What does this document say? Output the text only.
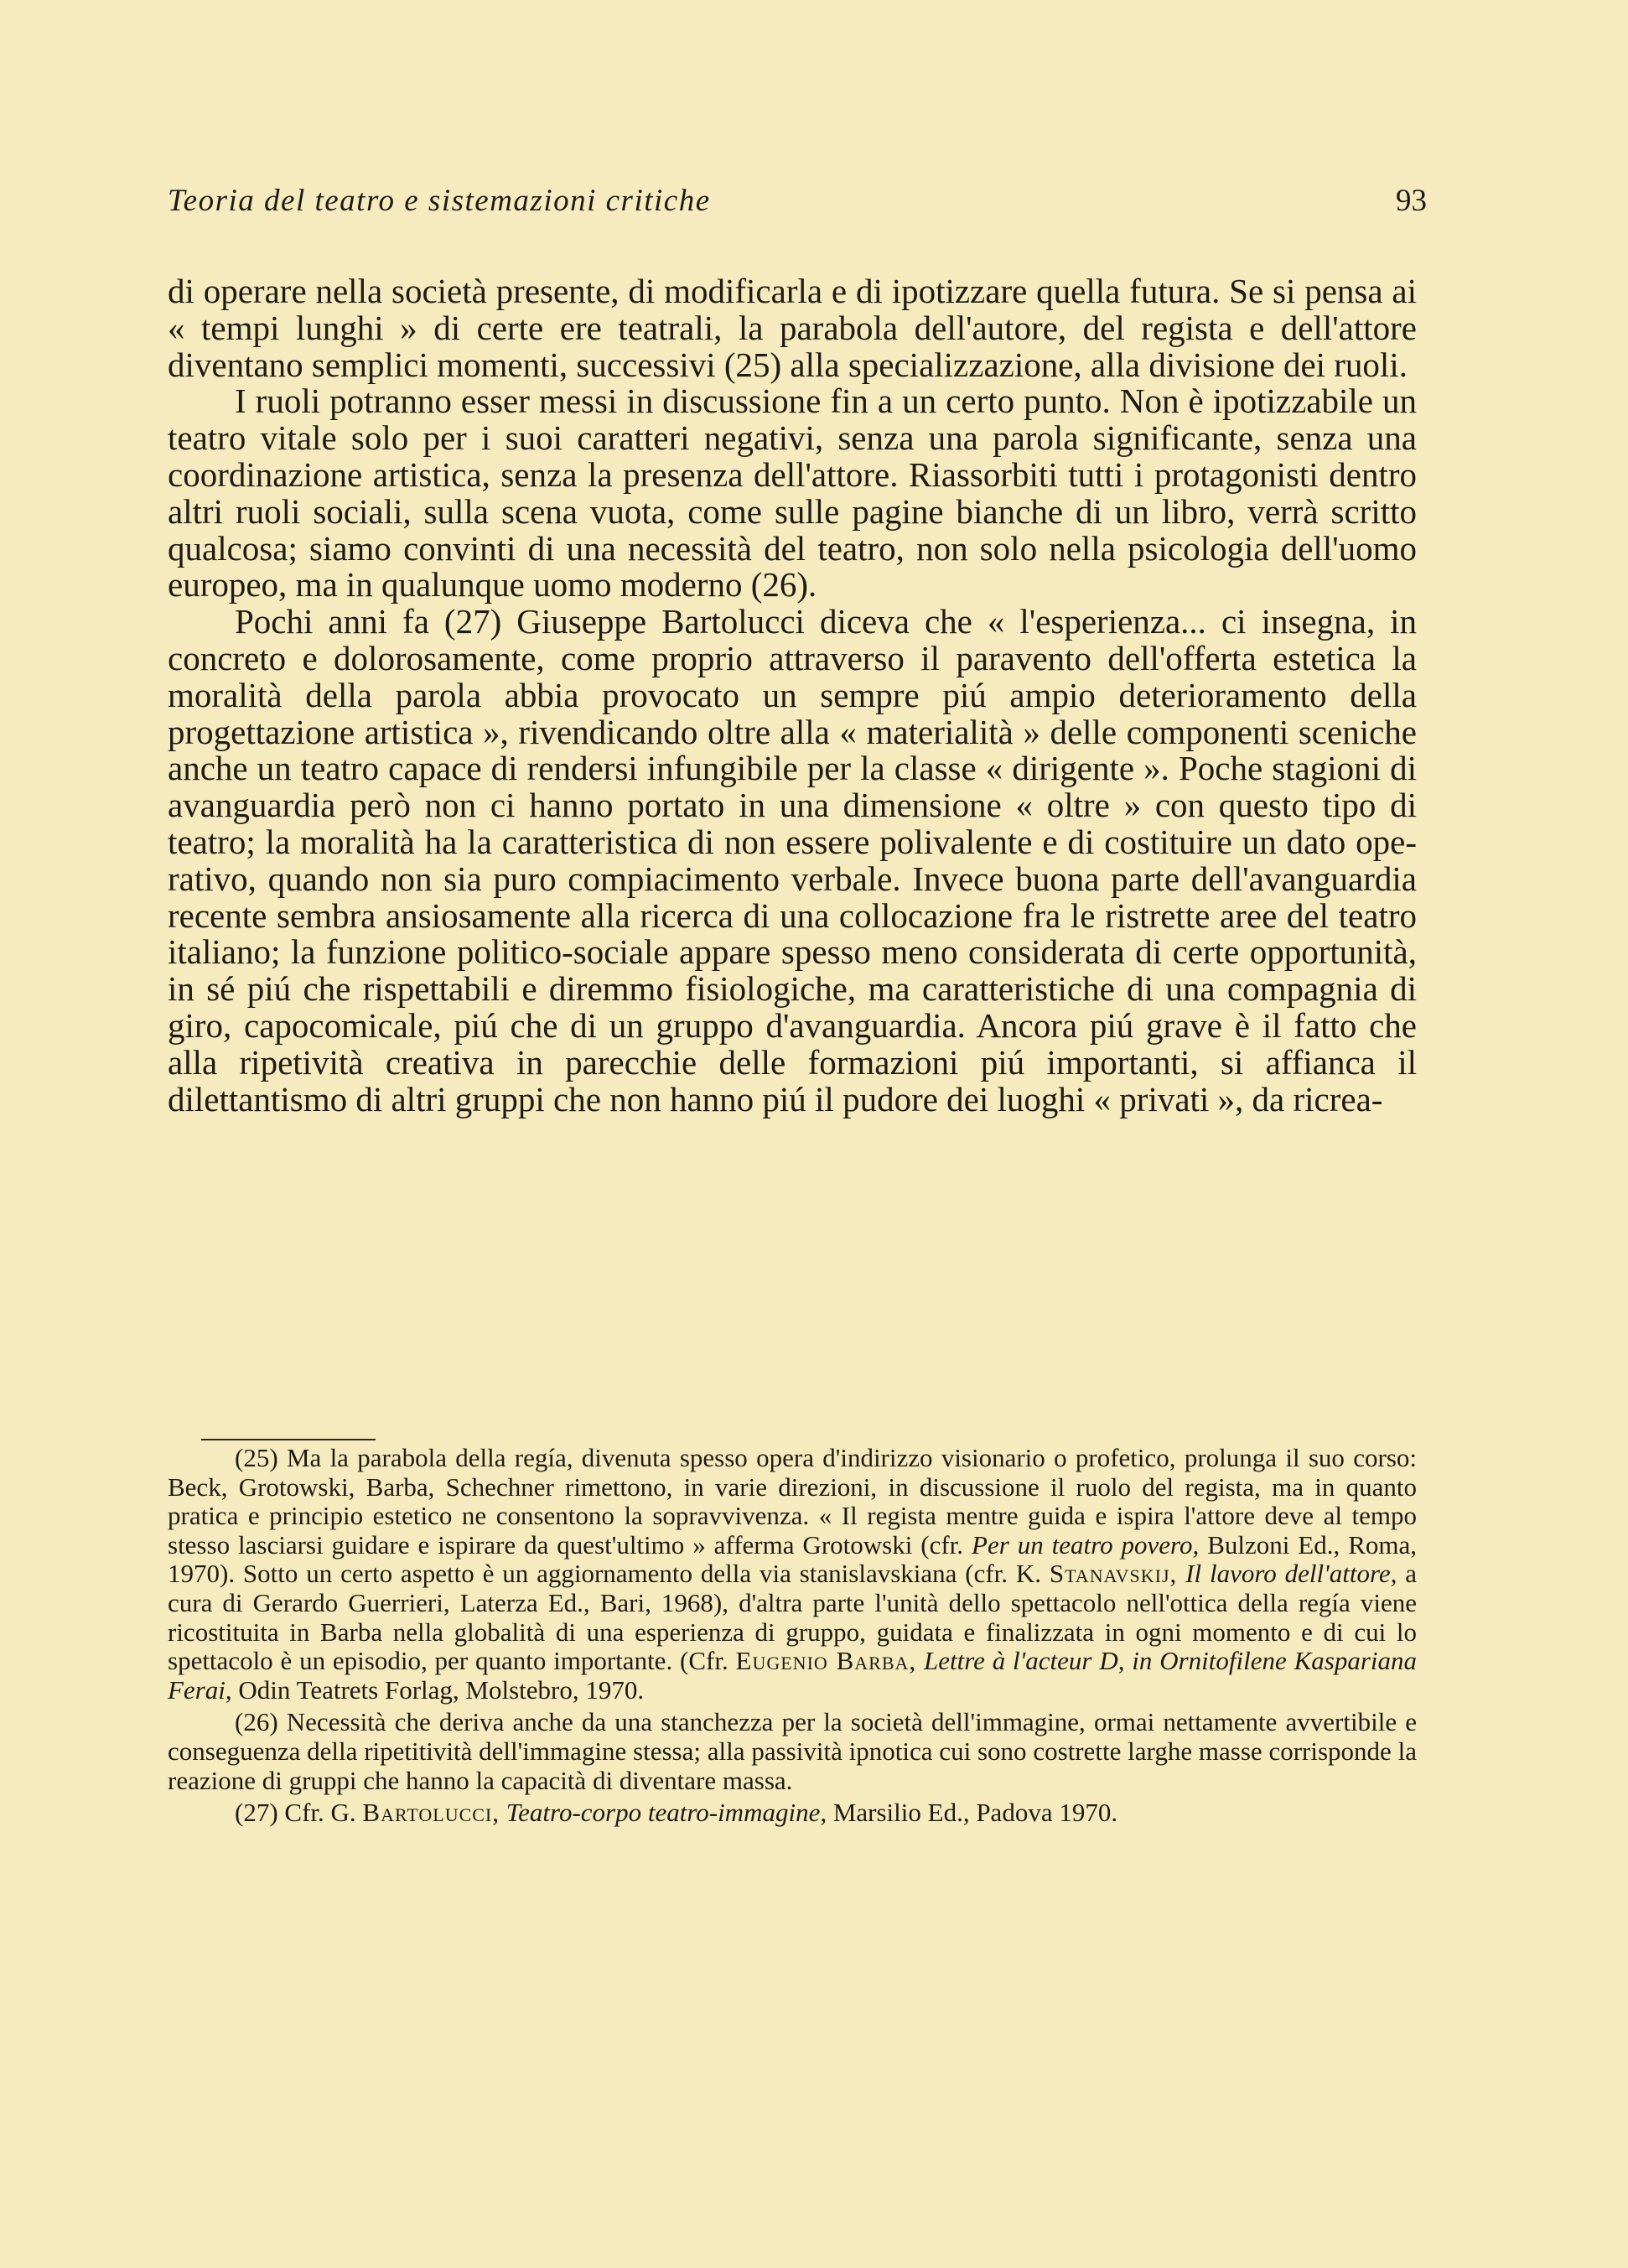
Teoria del teatro e sistemazioni critiche	93

di operare nella società presente, di modificarla e di ipotizzare quella futura. Se si pensa ai « tempi lunghi » di certe ere teatrali, la parabola dell'autore, del regista e dell'attore diventano semplici momenti, successivi (25) alla specializzazione, alla divisione dei ruoli.

I ruoli potranno esser messi in discussione fin a un certo punto. Non è ipotizzabile un teatro vitale solo per i suoi caratteri negativi, senza una parola significante, senza una coordinazione artistica, senza la presenza dell'attore. Riassorbiti tutti i protagonisti dentro altri ruoli sociali, sulla scena vuota, come sulle pagine bianche di un libro, verrà scritto qualcosa; siamo convinti di una necessità del teatro, non solo nella psicologia dell'uomo europeo, ma in qualunque uomo moderno (26).

Pochi anni fa (27) Giuseppe Bartolucci diceva che « l'esperienza... ci insegna, in concreto e dolorosamente, come proprio attraverso il paravento dell'offerta estetica la moralità della parola abbia provocato un sempre piú ampio deterioramento della progettazione artistica », rivendicando oltre alla « materialità » delle componenti sceniche anche un teatro capace di rendersi infungibile per la classe « dirigente ». Poche stagioni di avanguardia però non ci hanno portato in una dimensione « oltre » con questo tipo di teatro; la moralità ha la caratteristica di non essere polivalente e di costituire un dato operativo, quando non sia puro compiacimento verbale. Invece buona parte dell'avanguardia recente sembra ansiosamente alla ricerca di una collocazione fra le ristrette aree del teatro italiano; la funzione politico-sociale appare spesso meno considerata di certe opportunità, in sé piú che rispettabili e diremmo fisiologiche, ma caratteristiche di una compagnia di giro, capocomicale, piú che di un gruppo d'avanguardia. Ancora piú grave è il fatto che alla ripetività creativa in parecchie delle formazioni piú importanti, si affianca il dilettantismo di altri gruppi che non hanno piú il pudore dei luoghi « privati », da ricrea-

(25) Ma la parabola della regía, divenuta spesso opera d'indirizzo visionario o profetico, prolunga il suo corso: Beck, Grotowski, Barba, Schechner rimettono, in varie direzioni, in discussione il ruolo del regista, ma in quanto pratica e principio estetico ne consentono la sopravvivenza. « Il regista mentre guida e ispira l'attore deve al tempo stesso lasciarsi guidare e ispirare da quest'ultimo » afferma Grotowski (cfr. Per un teatro povero, Bulzoni Ed., Roma, 1970). Sotto un certo aspetto è un aggiornamento della via stanislavskiana (cfr. K. Stanavskij, Il lavoro dell'attore, a cura di Gerardo Guerrieri, Laterza Ed., Bari, 1968), d'altra parte l'unità dello spettacolo nell'ottica della regía viene ricostituita in Barba nella globalità di una esperienza di gruppo, guidata e finalizzata in ogni momento e di cui lo spettacolo è un episodio, per quanto importante. (Cfr. Eugenio Barba, Lettre à l'acteur D, in Ornitofilene Kaspariana Ferai, Odin Teatrets Forlag, Molstebro, 1970.

(26) Necessità che deriva anche da una stanchezza per la società dell'immagine, ormai nettamente avvertibile e conseguenza della ripetitività dell'immagine stessa; alla passività ipnotica cui sono costrette larghe masse corrisponde la reazione di gruppi che hanno la capacità di diventare massa.

(27) Cfr. G. Bartolucci, Teatro-corpo teatro-immagine, Marsilio Ed., Padova 1970.
